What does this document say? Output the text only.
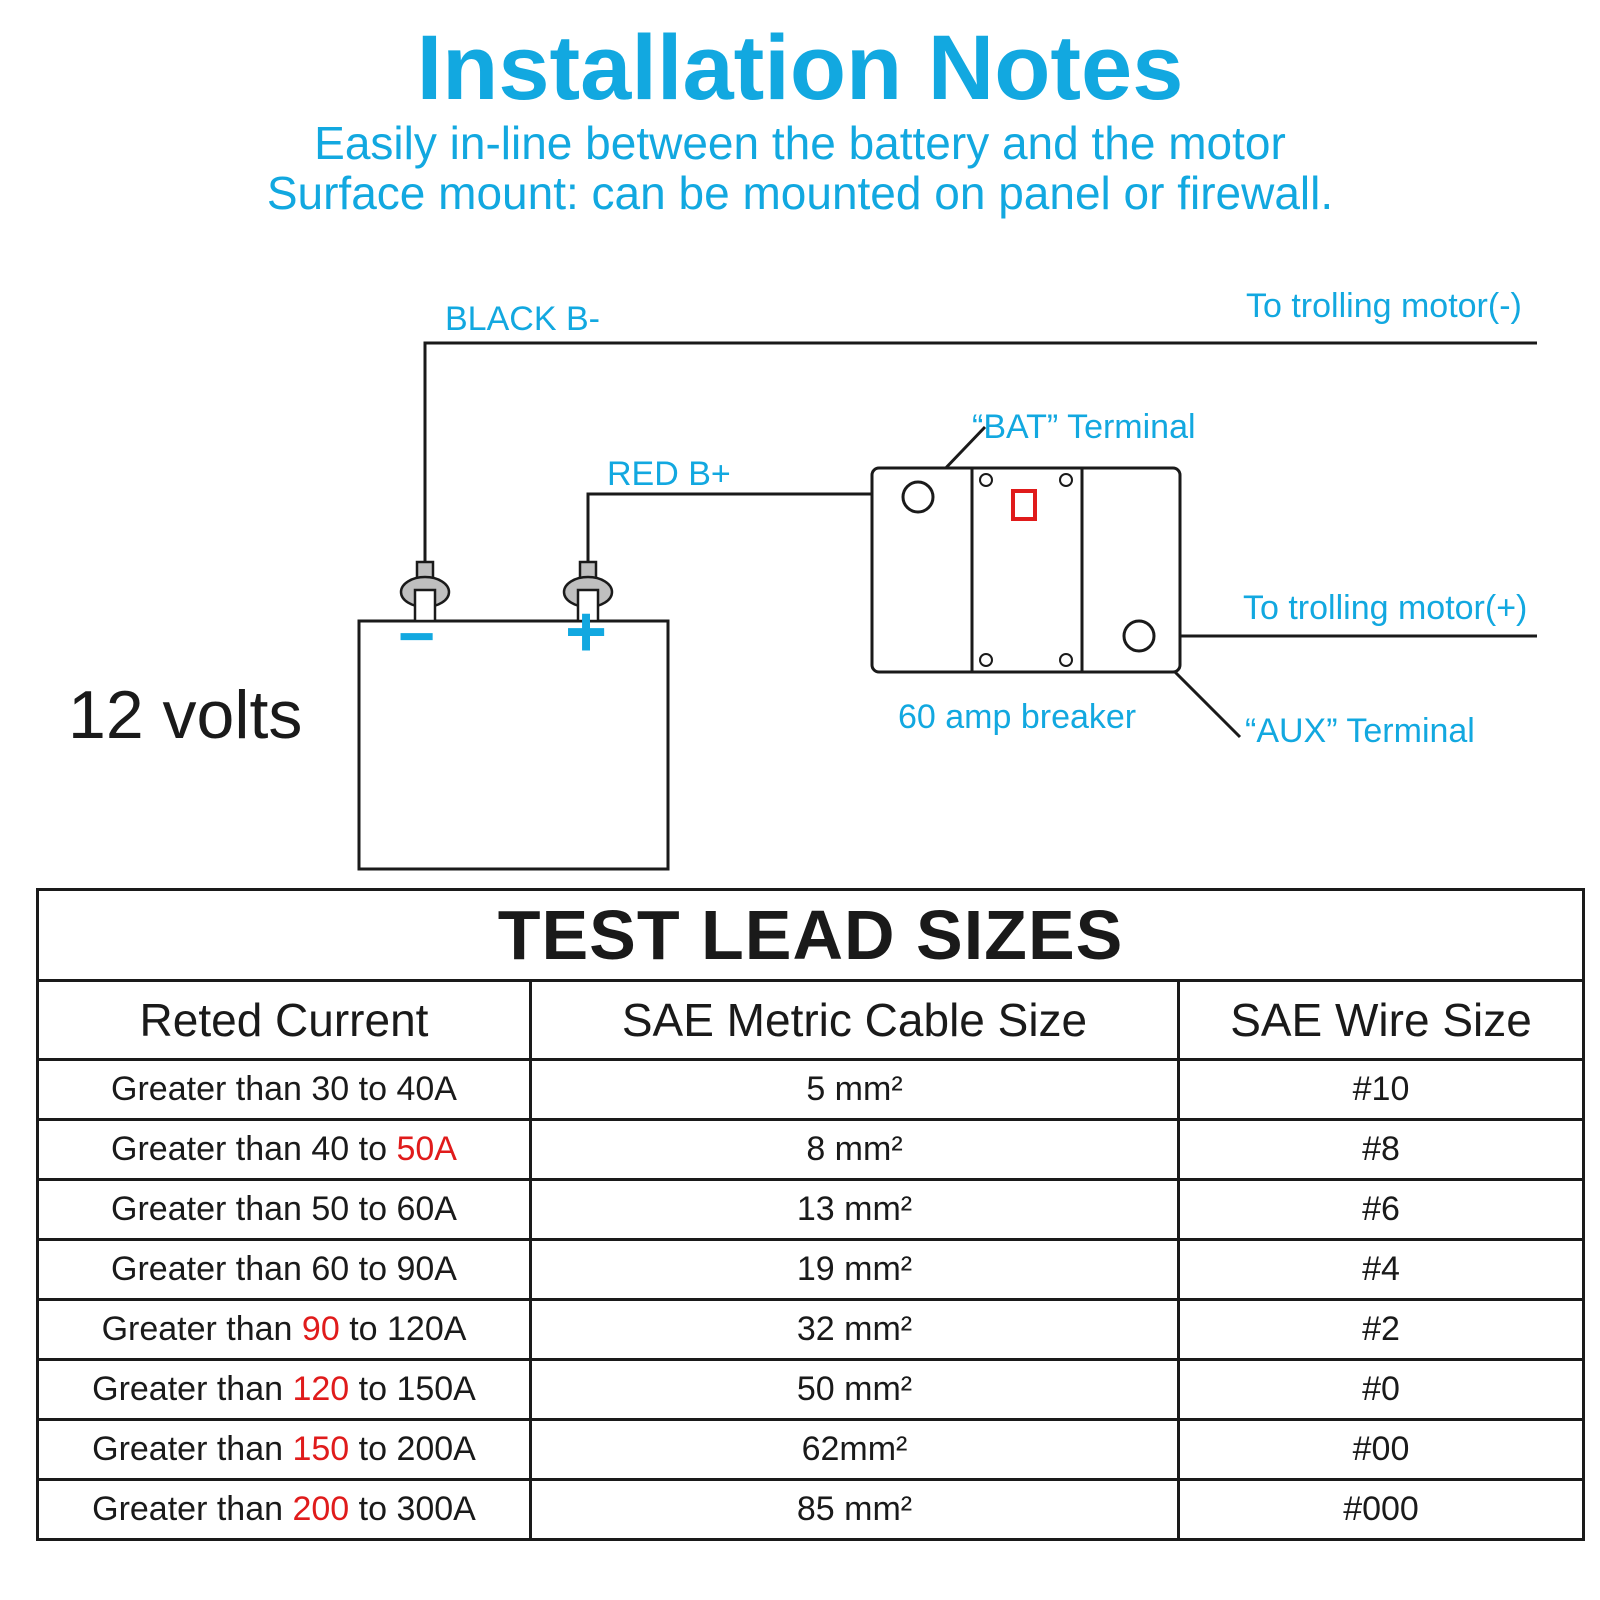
Installation Notes
Easily in-line between the battery and the motor
Surface mount: can be mounted on panel or firewall.
− +
BLACK B-
RED B+
To trolling motor(-)
To trolling motor(+)
“BAT” Terminal
“AUX” Terminal
60 amp breaker
12 volts
TEST LEAD SIZES		
Reted Current	SAE Metric Cable Size	SAE Wire Size
Greater than 30 to 40A	5 mm²	#10
Greater than 40 to 50A	8 mm²	#8
Greater than 50 to 60A	13 mm²	#6
Greater than 60 to 90A	19 mm²	#4
Greater than 90 to 120A	32 mm²	#2
Greater than 120 to 150A	50 mm²	#0
Greater than 150 to 200A	62mm²	#00
Greater than 200 to 300A	85 mm²	#000
